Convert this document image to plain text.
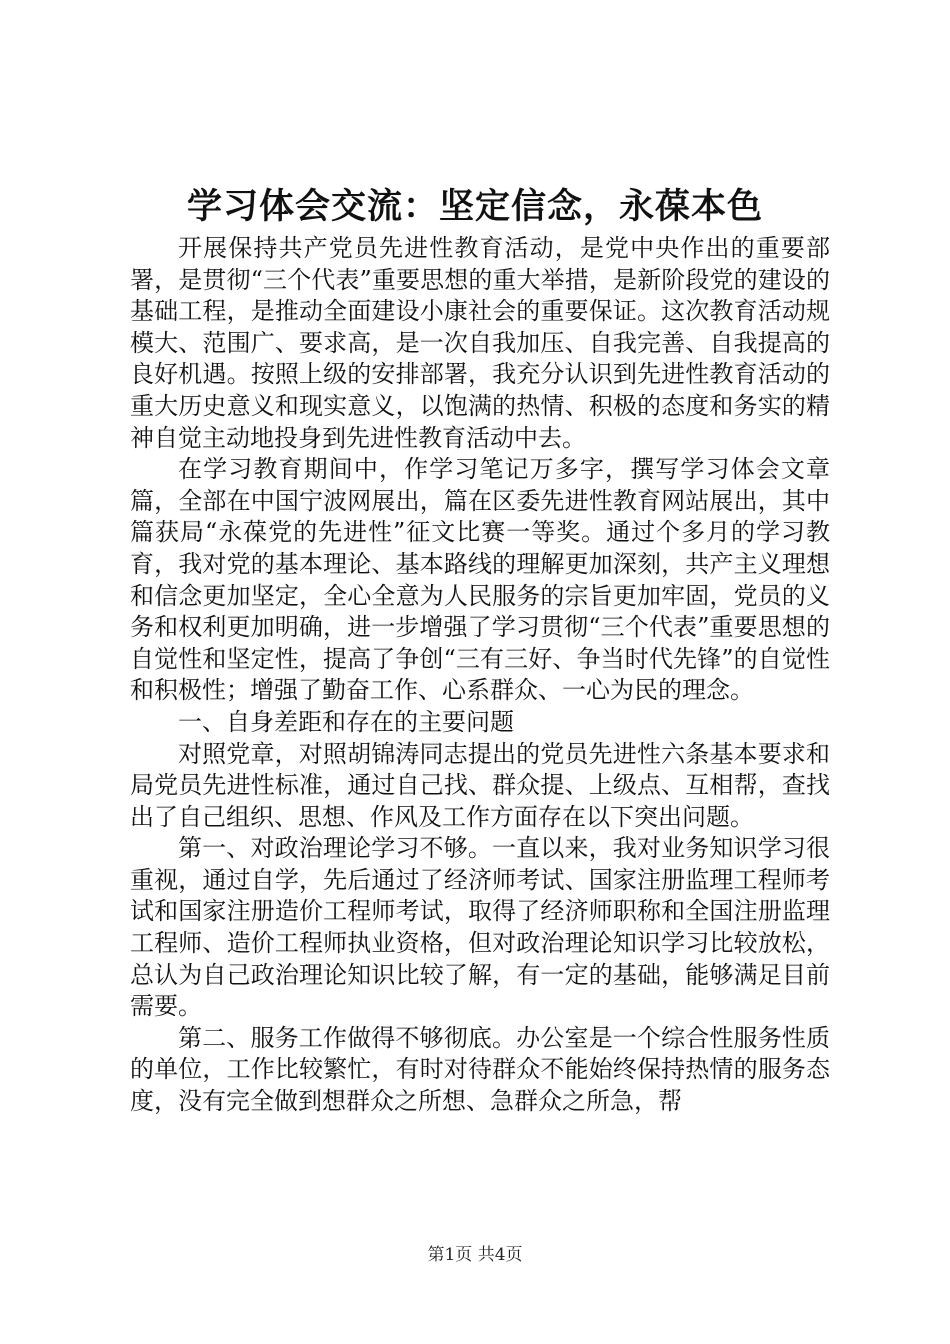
学习体会交流：坚定信念，永葆本色

开展保持共产党员先进性教育活动，是党中央作出的重要部署，是贯彻“三个代表”重要思想的重大举措，是新阶段党的建设的基础工程，是推动全面建设小康社会的重要保证。这次教育活动规模大、范围广、要求高，是一次自我加压、自我完善、自我提高的良好机遇。按照上级的安排部署，我充分认识到先进性教育活动的重大历史意义和现实意义，以饱满的热情、积极的态度和务实的精神自觉主动地投身到先进性教育活动中去。

在学习教育期间中，作学习笔记万多字，撰写学习体会文章篇，全部在中国宁波网展出，篇在区委先进性教育网站展出，其中篇获局“永葆党的先进性”征文比赛一等奖。通过个多月的学习教育，我对党的基本理论、基本路线的理解更加深刻，共产主义理想和信念更加坚定，全心全意为人民服务的宗旨更加牢固，党员的义务和权利更加明确，进一步增强了学习贯彻“三个代表”重要思想的自觉性和坚定性，提高了争创“三有三好、争当时代先锋”的自觉性和积极性；增强了勤奋工作、心系群众、一心为民的理念。

一、自身差距和存在的主要问题

对照党章，对照胡锦涛同志提出的党员先进性六条基本要求和局党员先进性标准，通过自己找、群众提、上级点、互相帮，查找出了自己组织、思想、作风及工作方面存在以下突出问题。

第一、对政治理论学习不够。一直以来，我对业务知识学习很重视，通过自学，先后通过了经济师考试、国家注册监理工程师考试和国家注册造价工程师考试，取得了经济师职称和全国注册监理工程师、造价工程师执业资格，但对政治理论知识学习比较放松，总认为自己政治理论知识比较了解，有一定的基础，能够满足目前需要。

第二、服务工作做得不够彻底。办公室是一个综合性服务性质的单位，工作比较繁忙，有时对待群众不能始终保持热情的服务态度，没有完全做到想群众之所想、急群众之所急，帮

第1页 共4页
